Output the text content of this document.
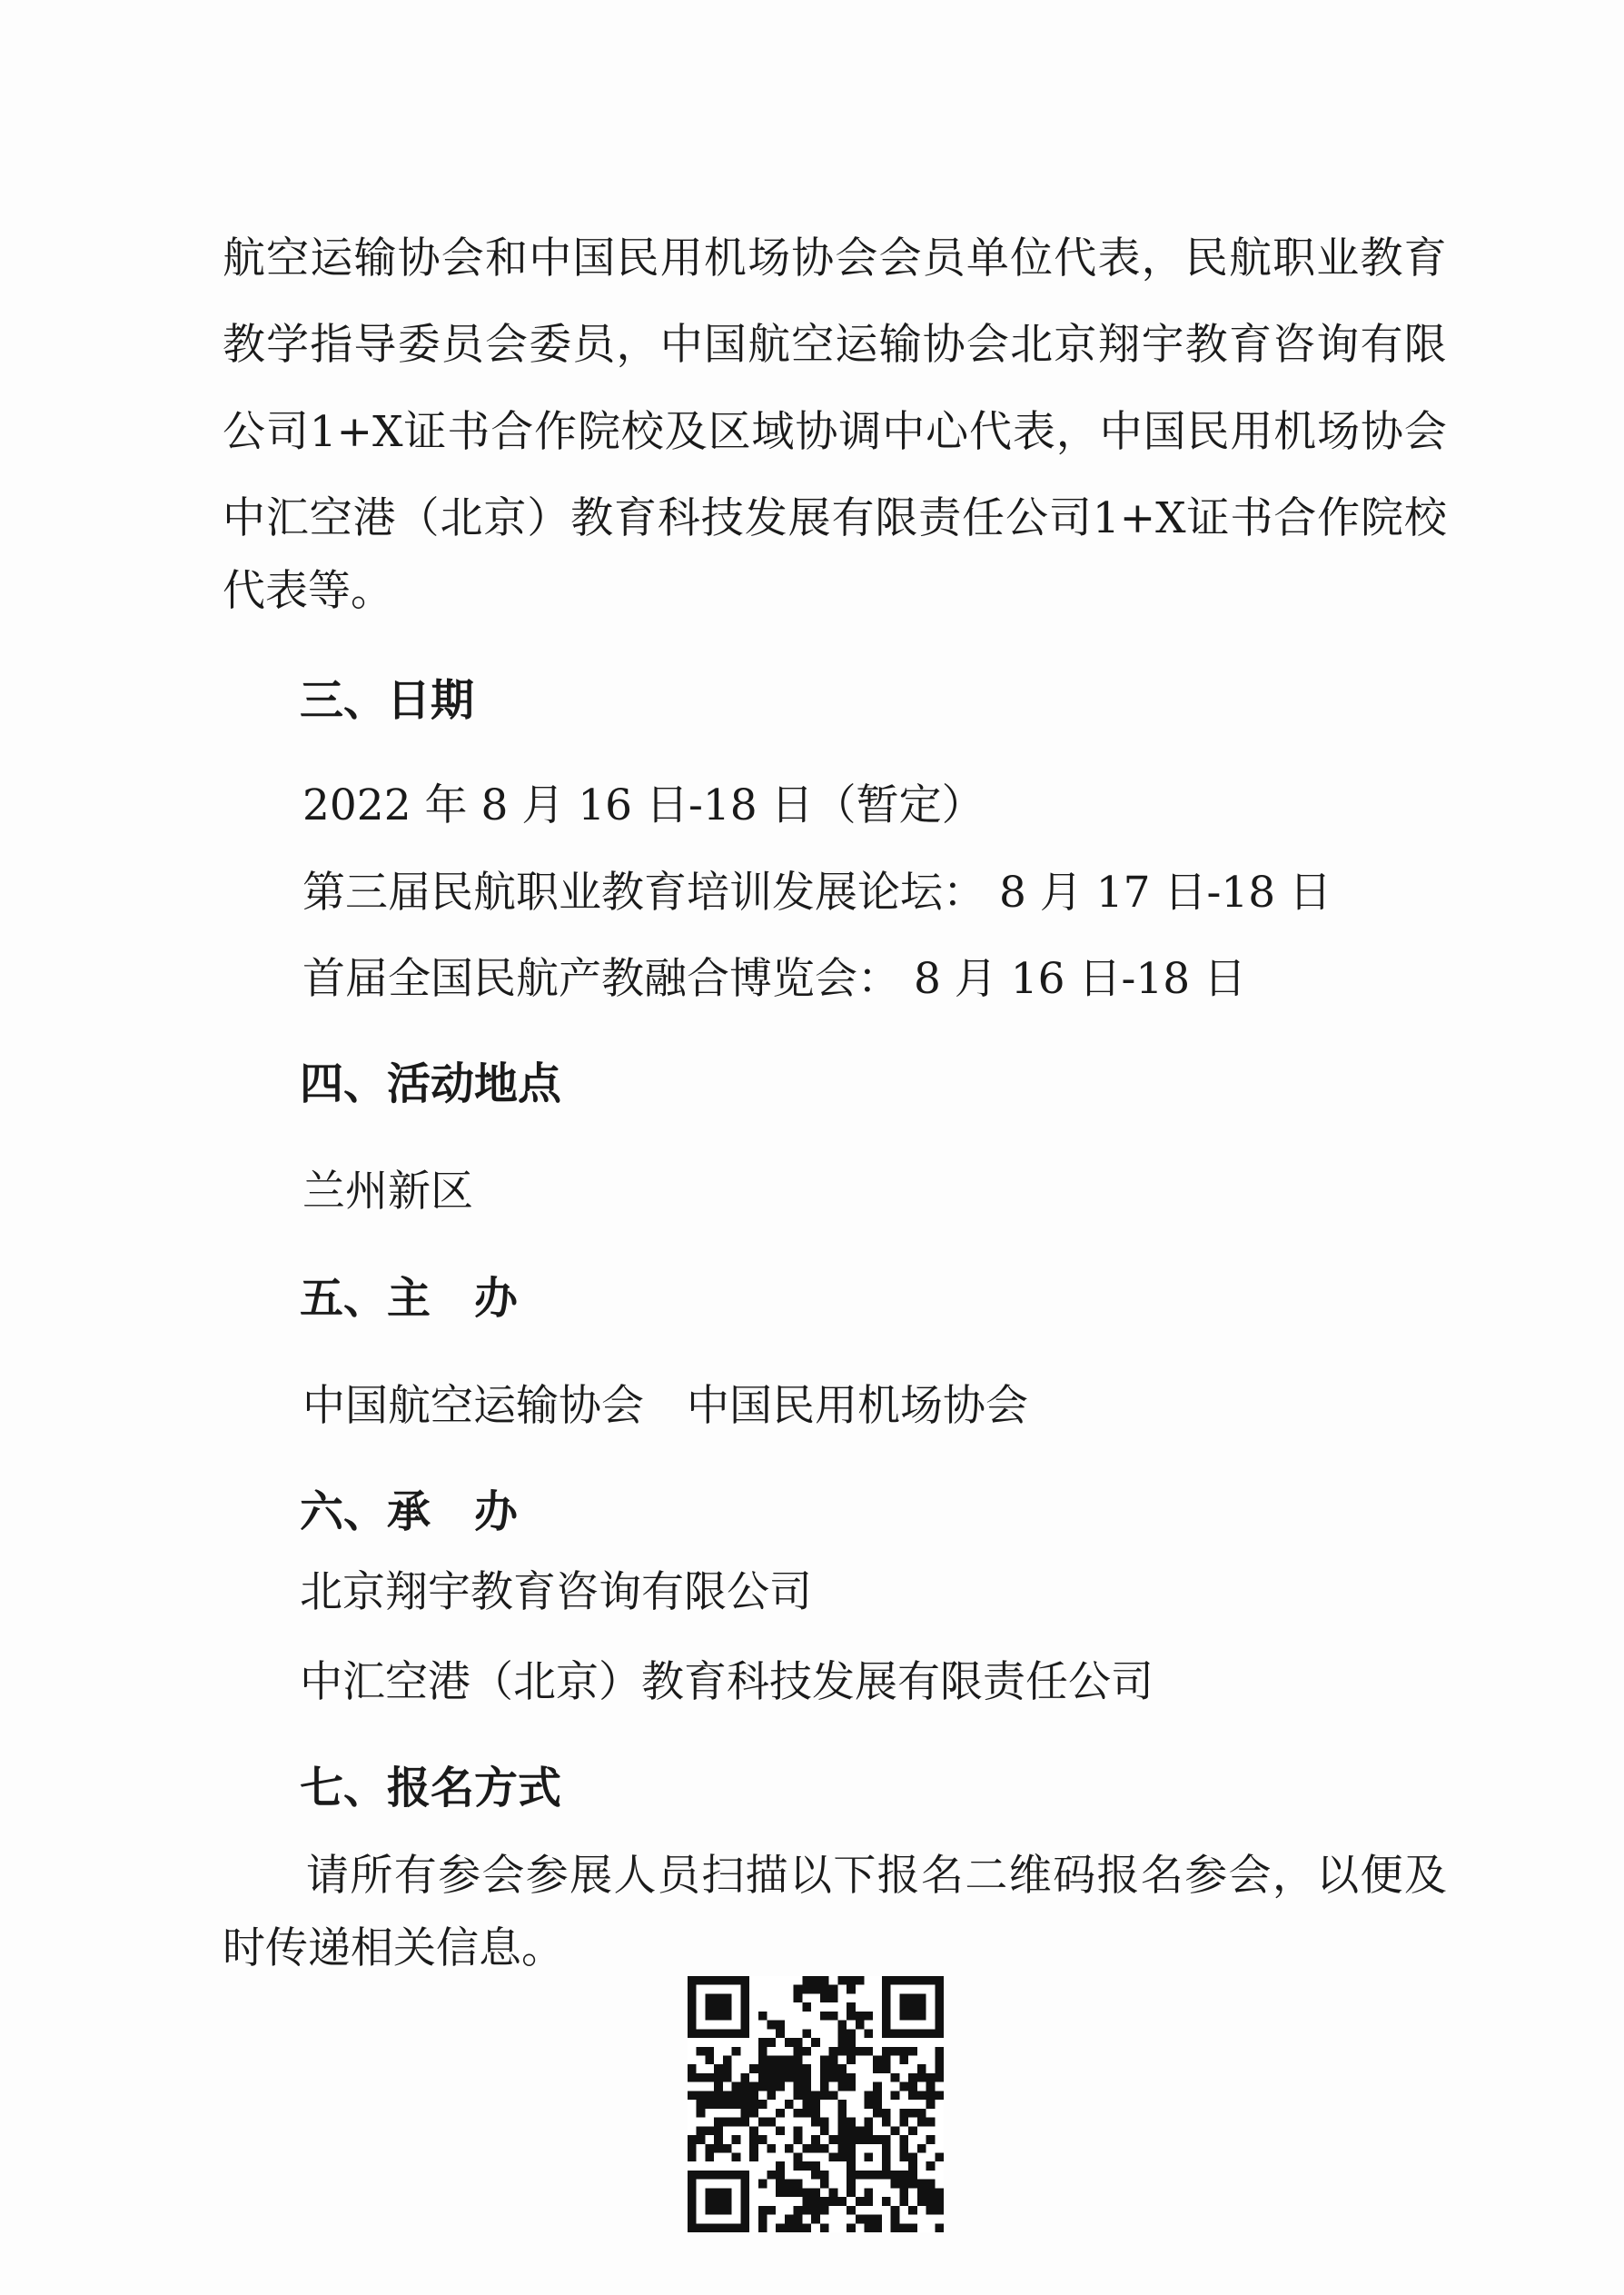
航 空 运 输 协 会 和 中 国 民 用 机 场 协 会 会 员 单 位 代 表 ， 民 航 职 业 教 育

教 学 指 导 委 员 会 委 员 ， 中 国 航 空 运 输 协 会 北 京 翔 宇 教 育 咨 询 有 限

公 司 1+X 证 书 合 作 院 校 及 区 域 协 调 中 心 代 表 ， 中 国 民 用 机 场 协 会

中 汇 空 港 （ 北 京 ） 教 育 科 技 发 展 有 限 责 任 公 司 1+X 证 书 合 作 院 校

代表等。

三、日期

2022 年 8 月 16 日-18 日（暂定）

第三届民航职业教育培训发展论坛： 8 月 17 日-18 日

首届全国民航产教融合博览会： 8 月 16 日-18 日

四、活动地点

兰州新区

五、主　办

中国航空运输协会　中国民用机场协会

六、承　办

北京翔宇教育咨询有限公司

中汇空港（北京）教育科技发展有限责任公司

七、报名方式

请 所 有 参 会 参 展 人 员 扫 描 以 下 报 名 二 维 码 报 名 参 会 ， 以 便 及

时传递相关信息。
